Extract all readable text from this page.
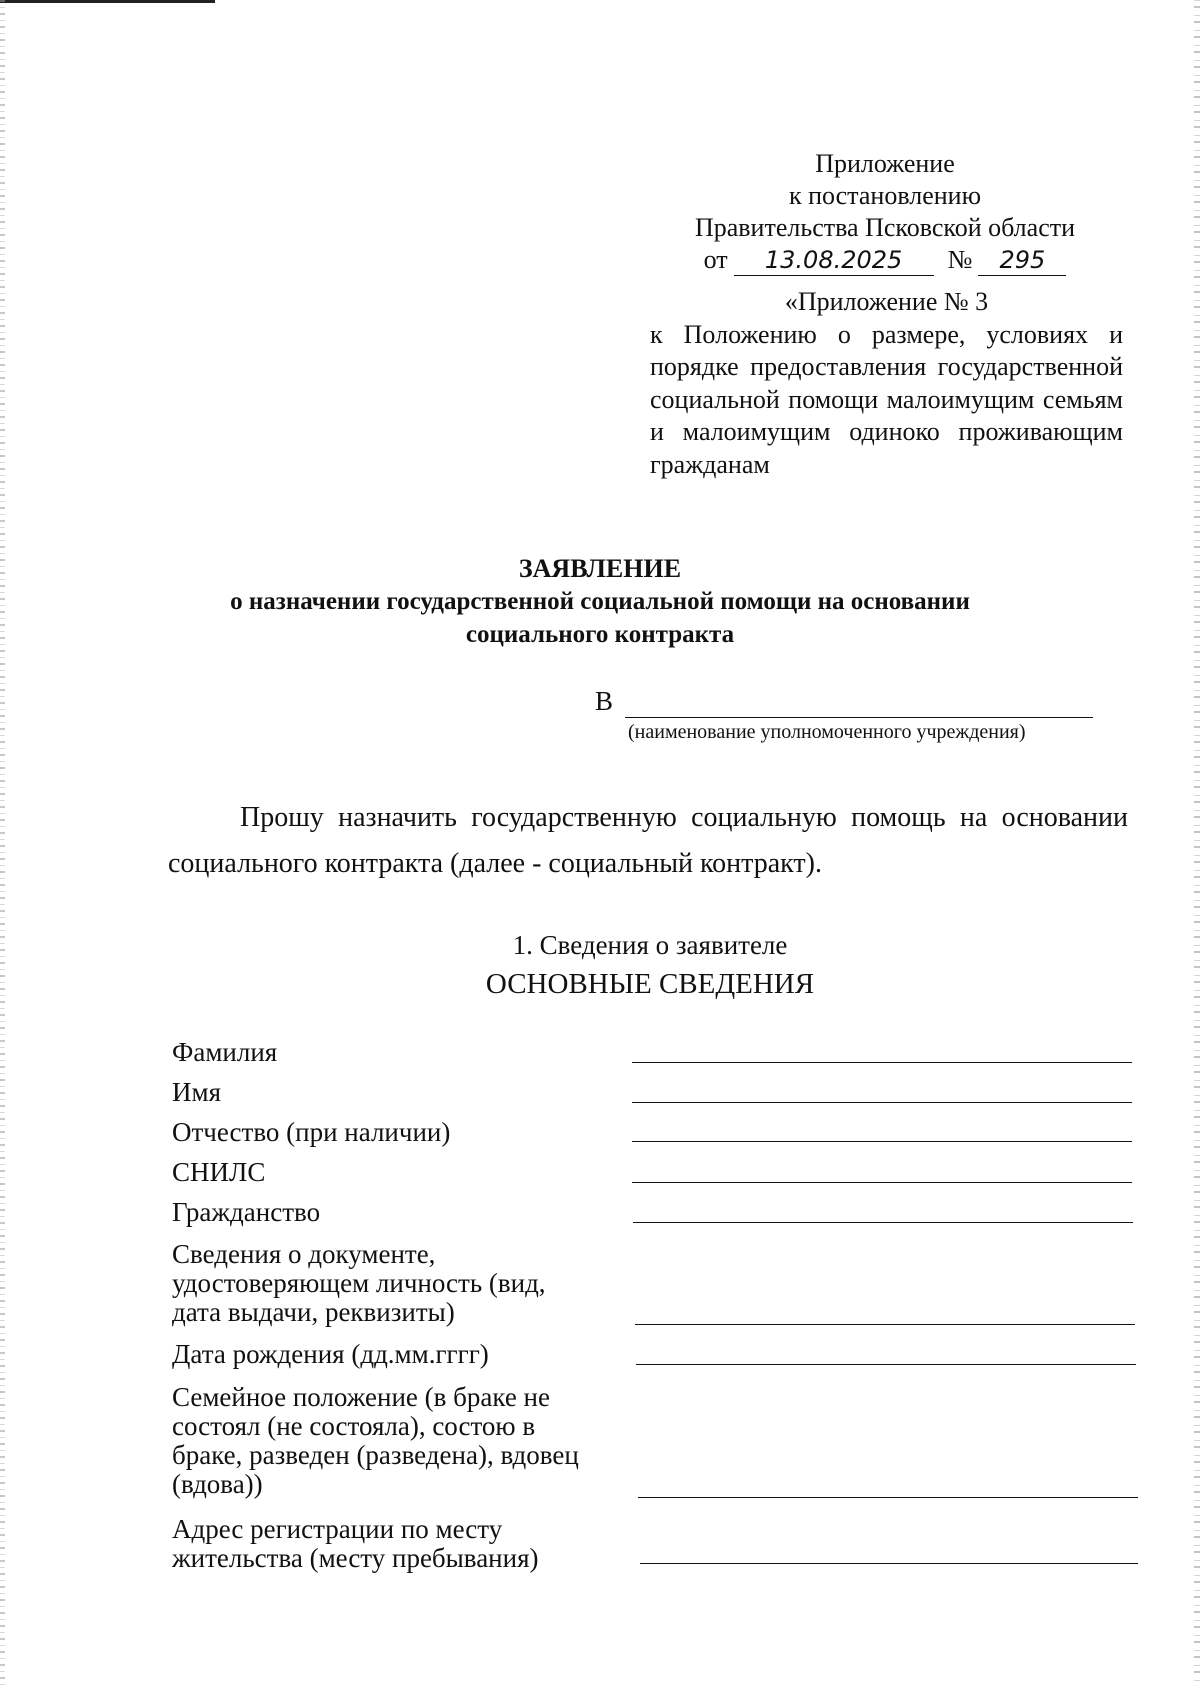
Приложение
к постановлению
Правительства Псковской области
от	13.08.2025	№	295
«Приложение № 3
к Положению о размере, условиях и порядке предоставления государственной социальной помощи малоимущим семьям и малоимущим одиноко проживающим гражданам
ЗАЯВЛЕНИЕ
о назначении государственной социальной помощи на основании
социального контракта
В
(наименование уполномоченного учреждения)
Прошу назначить государственную социальную помощь на основании социального контракта (далее - социальный контракт).
1. Сведения о заявителе
ОСНОВНЫЕ СВЕДЕНИЯ
Фамилия
Имя
Отчество (при наличии)
СНИЛС
Гражданство
Сведения о документе, удостоверяющем личность (вид, дата выдачи, реквизиты)
Дата рождения (дд.мм.гггг)
Семейное положение (в браке не состоял (не состояла), состою в браке, разведен (разведена), вдовец (вдова))
Адрес регистрации по месту жительства (месту пребывания)
